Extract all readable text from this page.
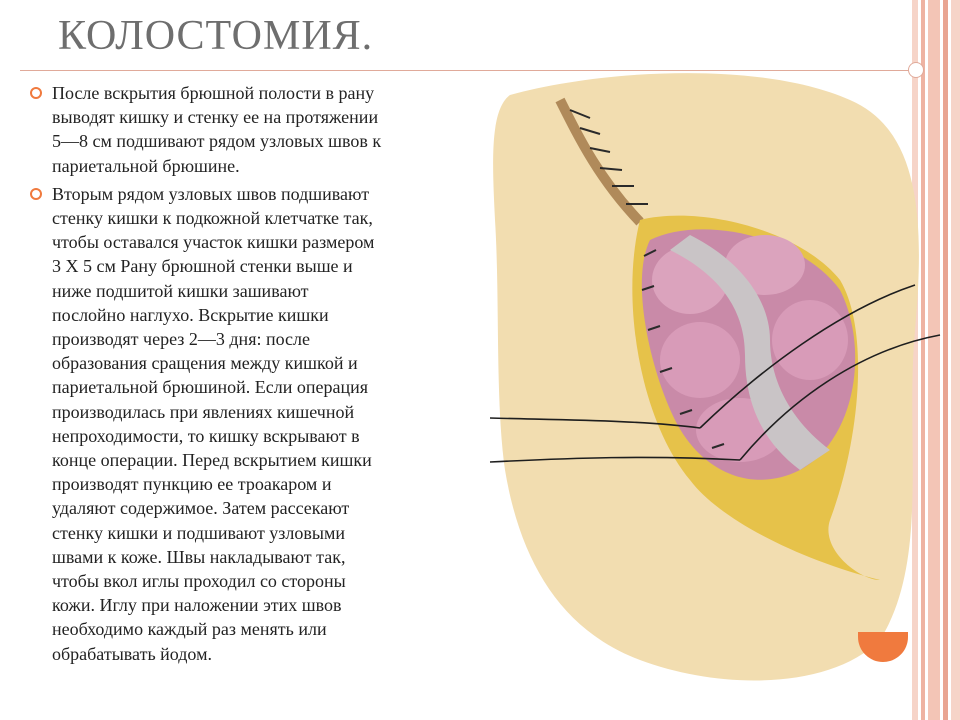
КОЛОСТОМИЯ.
После вскрытия брюшной полости в рану
выводят кишку и стенку ее на протяжении
5—8 см подшивают рядом узловых швов к
париетальной брюшине.
Вторым рядом узловых швов подшивают
стенку кишки к подкожной клетчатке так,
чтобы оставался участок кишки размером
3 Х 5 см Рану брюшной стенки выше и
ниже подшитой кишки зашивают
послойно наглухо. Вскрытие кишки
производят через 2—3 дня: после
образования сращения между кишкой и
париетальной брюшиной. Если операция
производилась при явлениях кишечной
непроходимости, то кишку вскрывают в
конце операции. Перед вскрытием кишки
производят пункцию ее троакаром и
удаляют содержимое. Затем рассекают
стенку кишки и подшивают узловыми
швами к коже. Швы накладывают так,
чтобы вкол иглы проходил со стороны
кожи. Иглу при наложении этих швов
необходимо каждый раз менять или
обрабатывать йодом.
